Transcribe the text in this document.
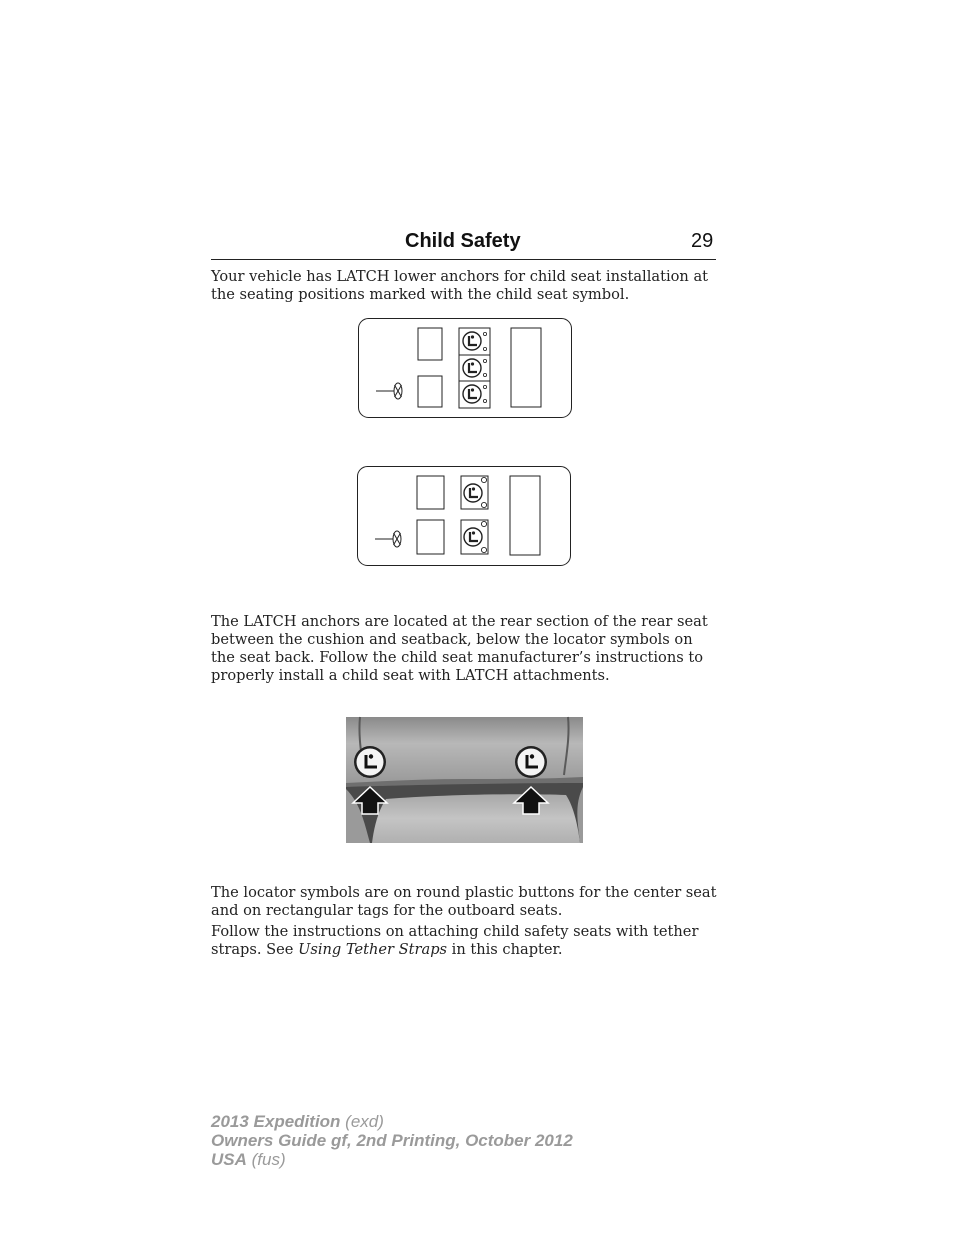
Child Safety	29
Your vehicle has LATCH lower anchors for child seat installation at the seating positions marked with the child seat symbol.
The LATCH anchors are located at the rear section of the rear seat between the cushion and seatback, below the locator symbols on the seat back. Follow the child seat manufacturer’s instructions to properly install a child seat with LATCH attachments.
The locator symbols are on round plastic buttons for the center seat and on rectangular tags for the outboard seats.
Follow the instructions on attaching child safety seats with tether straps. See Using Tether Straps in this chapter.
2013 Expedition (exd)
Owners Guide gf, 2nd Printing, October 2012
USA (fus)
